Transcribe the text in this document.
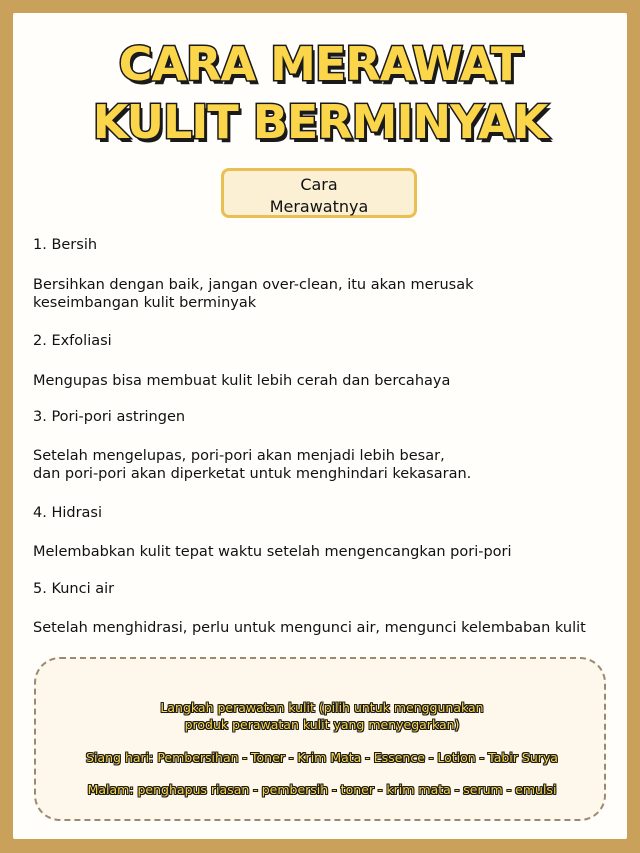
CARA MERAWAT
KULIT BERMINYAK
Cara
Merawatnya
1. Bersih
Bersihkan dengan baik, jangan over-clean, itu akan merusak
keseimbangan kulit berminyak
2. Exfoliasi
Mengupas bisa membuat kulit lebih cerah dan bercahaya
3. Pori-pori astringen
Setelah mengelupas, pori-pori akan menjadi lebih besar,
dan pori-pori akan diperketat untuk menghindari kekasaran.
4. Hidrasi
Melembabkan kulit tepat waktu setelah mengencangkan pori-pori
5. Kunci air
Setelah menghidrasi, perlu untuk mengunci air, mengunci kelembaban kulit
Langkah perawatan kulit (pilih untuk menggunakan
produk perawatan kulit yang menyegarkan)
Siang hari: Pembersihan - Toner - Krim Mata - Essence - Lotion - Tabir Surya
Malam: penghapus riasan - pembersih - toner - krim mata - serum - emulsi
